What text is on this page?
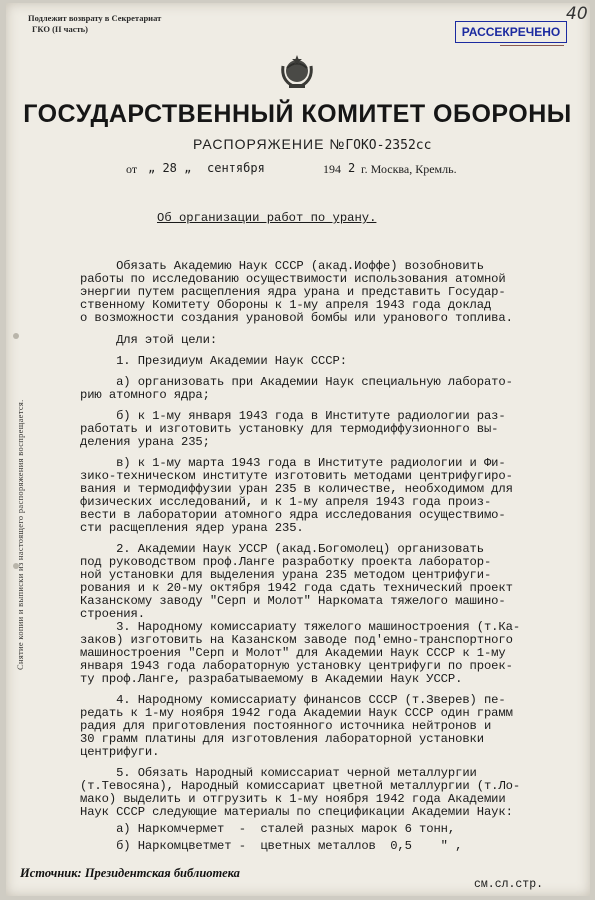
Снятие копии и выписки из настоящего распоряжения воспрещается.
Подлежит возврату в Секретариат
ГКО (II часть)	РАССЕКРЕЧЕНО
40
ГОСУДАРСТВЕННЫЙ КОМИТЕТ ОБОРОНЫ
РАСПОРЯЖЕНИЕ №ГОКО-2352сс
от „ 28 „ сентября	194 2 г. Москва, Кремль.
Об организации работ по урану.
Обязать Академию Наук СССР (акад.Иоффе) возобновить
работы по исследованию осуществимости использования атомной
энергии путем расщепления ядра урана и представить Государ-
ственному Комитету Обороны к 1-му апреля 1943 года доклад
о возможности создания урановой бомбы или уранового топлива.
Для этой цели:
1. Президиум Академии Наук СССР:
а) организовать при Академии Наук специальную лаборато-
рию атомного ядра;
б) к 1-му января 1943 года в Институте радиологии раз-
работать и изготовить установку для термодиффузионного вы-
деления урана 235;
в) к 1-му марта 1943 года в Институте радиологии и Фи-
зико-техническом институте изготовить методами центрифугиро-
вания и термодиффузии уран 235 в количестве, необходимом для
физических исследований, и к 1-му апреля 1943 года произ-
вести в лаборатории атомного ядра исследования осуществимо-
сти расщепления ядер урана 235.
2. Академии Наук УССР (акад.Богомолец) организовать
под руководством проф.Ланге разработку проекта лаборатор-
ной установки для выделения урана 235 методом центрифуги-
рования и к 20-му октября 1942 года сдать технический проект
Казанскому заводу "Серп и Молот" Наркомата тяжелого машино-
строения.
3. Народному комиссариату тяжелого машиностроения (т.Ка-
заков) изготовить на Казанском заводе под'емно-транспортного
машиностроения "Серп и Молот" для Академии Наук СССР к 1-му
января 1943 года лабораторную установку центрифуги по проек-
ту проф.Ланге, разрабатываемому в Академии Наук УССР.
4. Народному комиссариату финансов СССР (т.Зверев) пе-
редать к 1-му ноября 1942 года Академии Наук СССР один грамм
радия для приготовления постоянного источника нейтронов и
30 грамм платины для изготовления лабораторной установки
центрифуги.
5. Обязать Народный комиссариат черной металлургии
(т.Тевосяна), Народный комиссариат цветной металлургии (т.Ло-
мако) выделить и отгрузить к 1-му ноября 1942 года Академии
Наук СССР следующие материалы по спецификации Академии Наук:
а) Наркомчермет  -  сталей разных марок 6 тонн,
б) Наркомцветмет -  цветных металлов  0,5    " ,
Источник: Президентская библиотека
см.сл.стр.
